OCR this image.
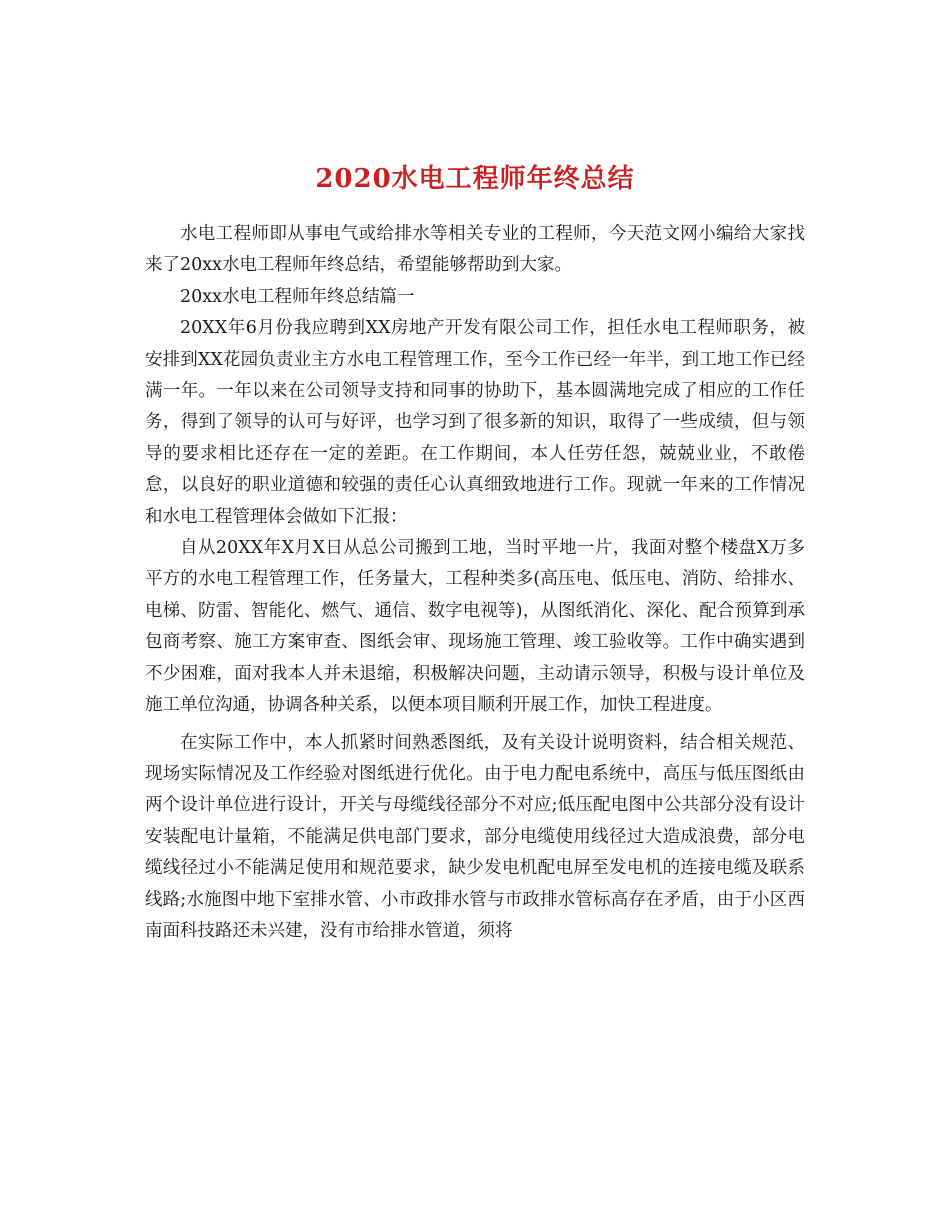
2020水电工程师年终总结

水电工程师即从事电气或给排水等相关专业的工程师，今天范文网小编给大家找来了20xx水电工程师年终总结，希望能够帮助到大家。

20xx水电工程师年终总结篇一

20XX年6月份我应聘到XX房地产开发有限公司工作，担任水电工程师职务，被安排到XX花园负责业主方水电工程管理工作，至今工作已经一年半，到工地工作已经满一年。一年以来在公司领导支持和同事的协助下，基本圆满地完成了相应的工作任务，得到了领导的认可与好评，也学习到了很多新的知识，取得了一些成绩，但与领导的要求相比还存在一定的差距。在工作期间，本人任劳任怨，兢兢业业，不敢倦怠，以良好的职业道德和较强的责任心认真细致地进行工作。现就一年来的工作情况和水电工程管理体会做如下汇报：

自从20XX年X月X日从总公司搬到工地，当时平地一片，我面对整个楼盘X万多平方的水电工程管理工作，任务量大，工程种类多(高压电、低压电、消防、给排水、电梯、防雷、智能化、燃气、通信、数字电视等)，从图纸消化、深化、配合预算到承包商考察、施工方案审查、图纸会审、现场施工管理、竣工验收等。工作中确实遇到不少困难，面对我本人并未退缩，积极解决问题，主动请示领导，积极与设计单位及施工单位沟通，协调各种关系，以便本项目顺利开展工作，加快工程进度。

在实际工作中，本人抓紧时间熟悉图纸，及有关设计说明资料，结合相关规范、现场实际情况及工作经验对图纸进行优化。由于电力配电系统中，高压与低压图纸由两个设计单位进行设计，开关与母缆线径部分不对应;低压配电图中公共部分没有设计安装配电计量箱，不能满足供电部门要求，部分电缆使用线径过大造成浪费，部分电缆线径过小不能满足使用和规范要求，缺少发电机配电屏至发电机的连接电缆及联系线路;水施图中地下室排水管、小市政排水管与市政排水管标高存在矛盾，由于小区西南面科技路还未兴建，没有市给排水管道，须将
